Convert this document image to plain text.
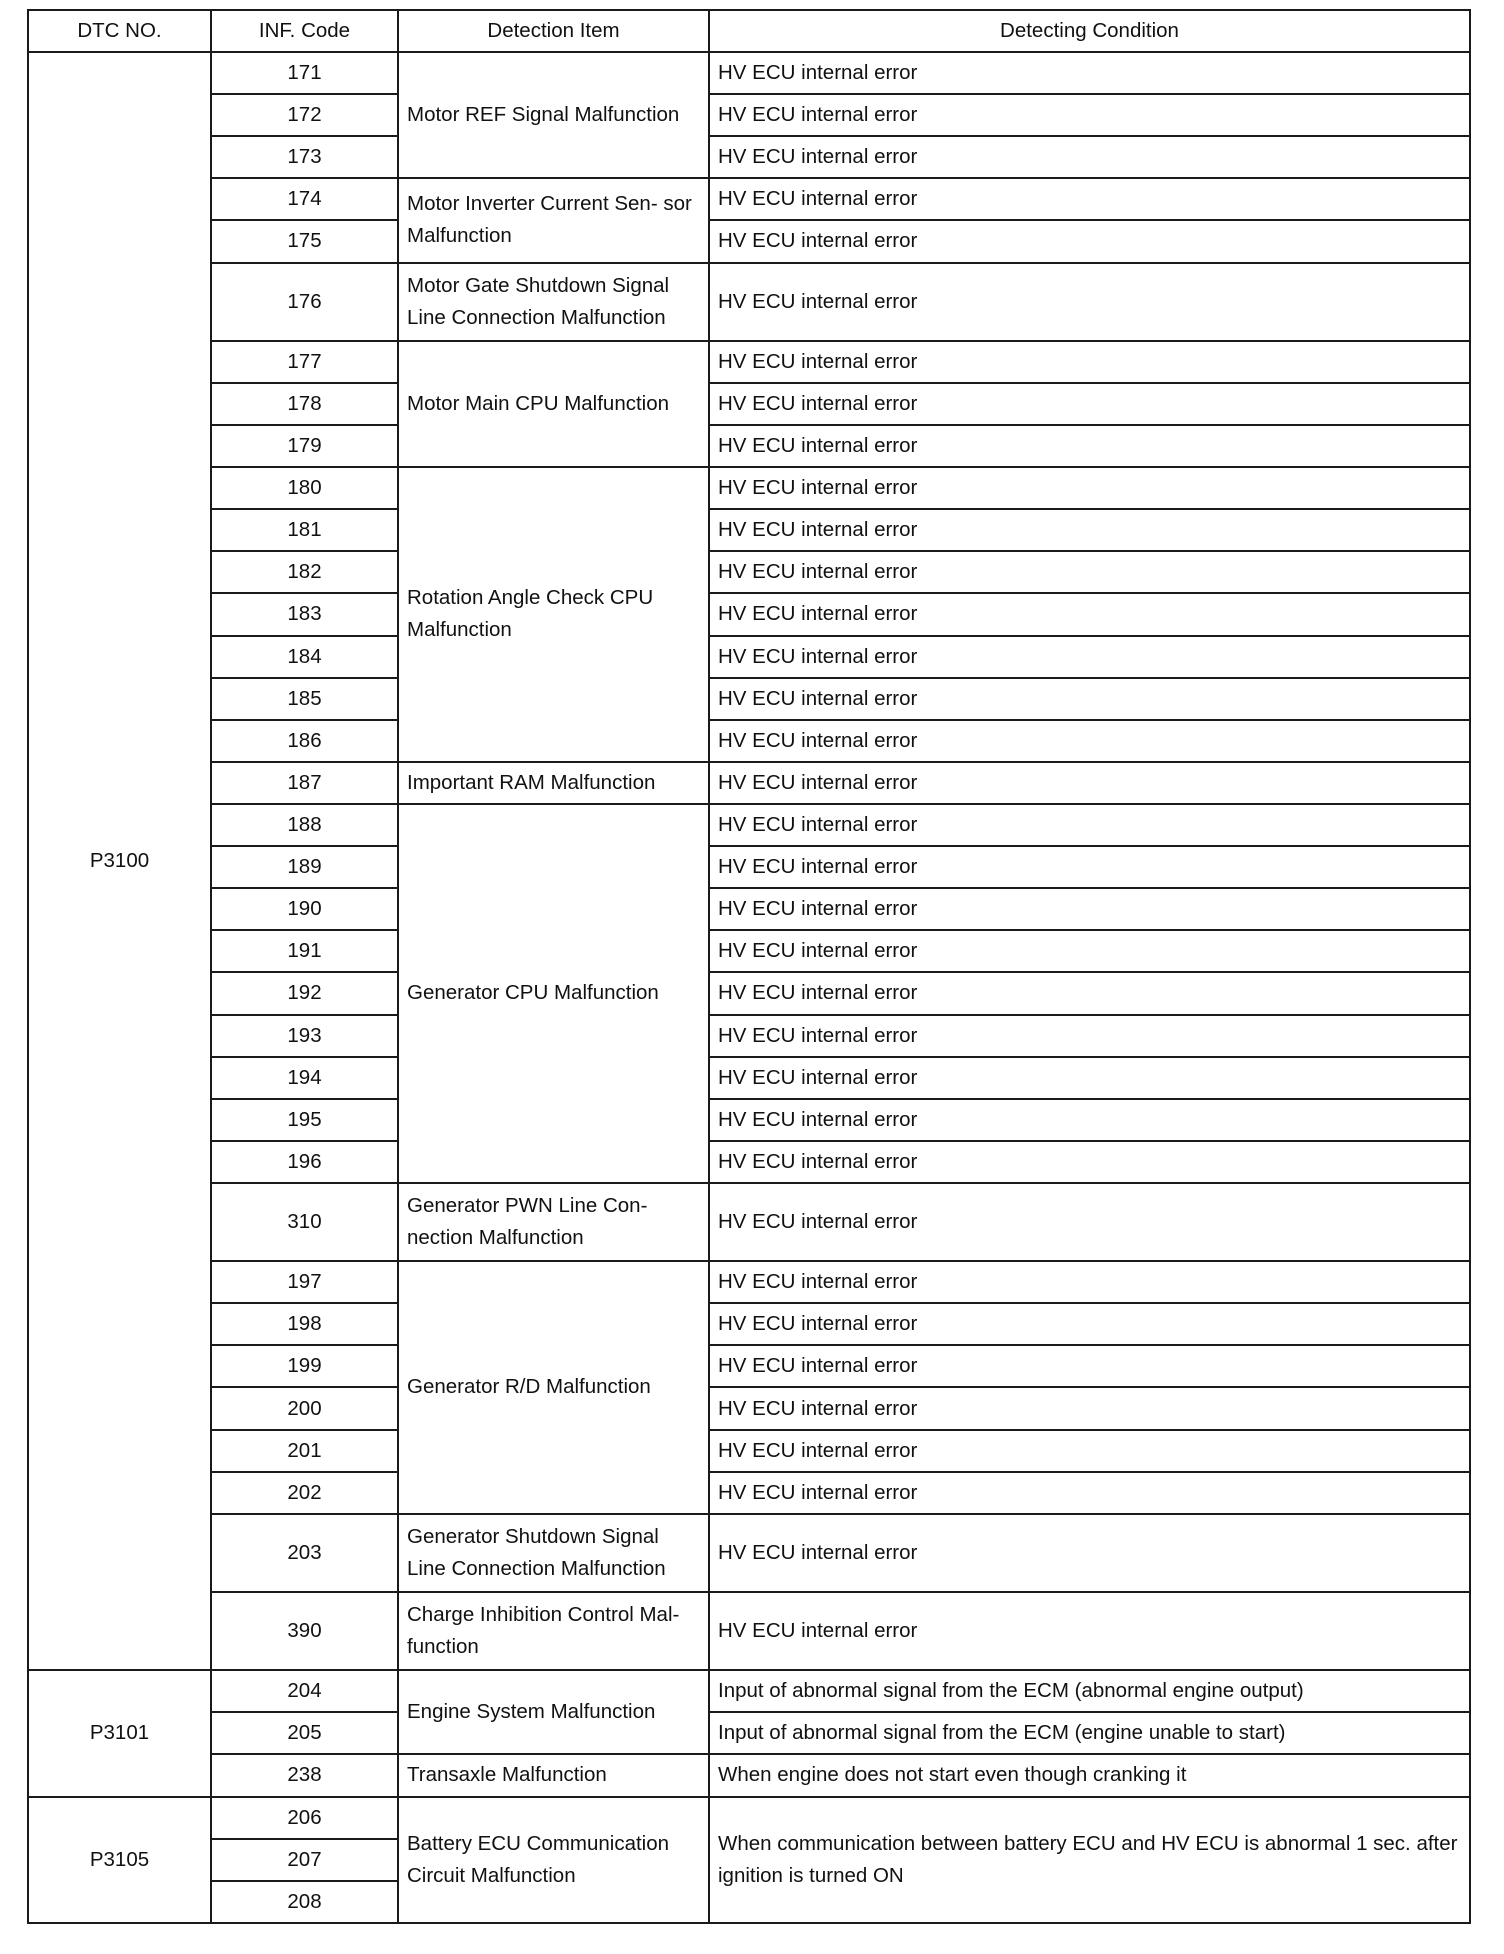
DTC NO.	INF. Code	Detection Item	Detecting Condition
P3100	171	Motor REF Signal Malfunction	HV ECU internal error
	172		HV ECU internal error
	173		HV ECU internal error
	174	Motor Inverter Current Sen- sor Malfunction	HV ECU internal error
	175		HV ECU internal error
	176	Motor Gate Shutdown Signal Line Connection Malfunction	HV ECU internal error
	177	Motor Main CPU Malfunction	HV ECU internal error
	178		HV ECU internal error
	179		HV ECU internal error
	180	Rotation Angle Check CPU Malfunction	HV ECU internal error
	181		HV ECU internal error
	182		HV ECU internal error
	183		HV ECU internal error
	184		HV ECU internal error
	185		HV ECU internal error
	186		HV ECU internal error
	187	Important RAM Malfunction	HV ECU internal error
	188	Generator CPU Malfunction	HV ECU internal error
	189		HV ECU internal error
	190		HV ECU internal error
	191		HV ECU internal error
	192		HV ECU internal error
	193		HV ECU internal error
	194		HV ECU internal error
	195		HV ECU internal error
	196		HV ECU internal error
	310	Generator PWN Line Con- nection Malfunction	HV ECU internal error
	197	Generator R/D Malfunction	HV ECU internal error
	198		HV ECU internal error
	199		HV ECU internal error
	200		HV ECU internal error
	201		HV ECU internal error
	202		HV ECU internal error
	203	Generator Shutdown Signal Line Connection Malfunction	HV ECU internal error
	390	Charge Inhibition Control Mal- function	HV ECU internal error
P3101	204	Engine System Malfunction	Input of abnormal signal from the ECM (abnormal engine output)
	205		Input of abnormal signal from the ECM (engine unable to start)
	238	Transaxle Malfunction	When engine does not start even though cranking it
P3105	206	Battery ECU Communication Circuit Malfunction	When communication between battery ECU and HV ECU is abnormal 1 sec. after ignition is turned ON
	207		
	208		
